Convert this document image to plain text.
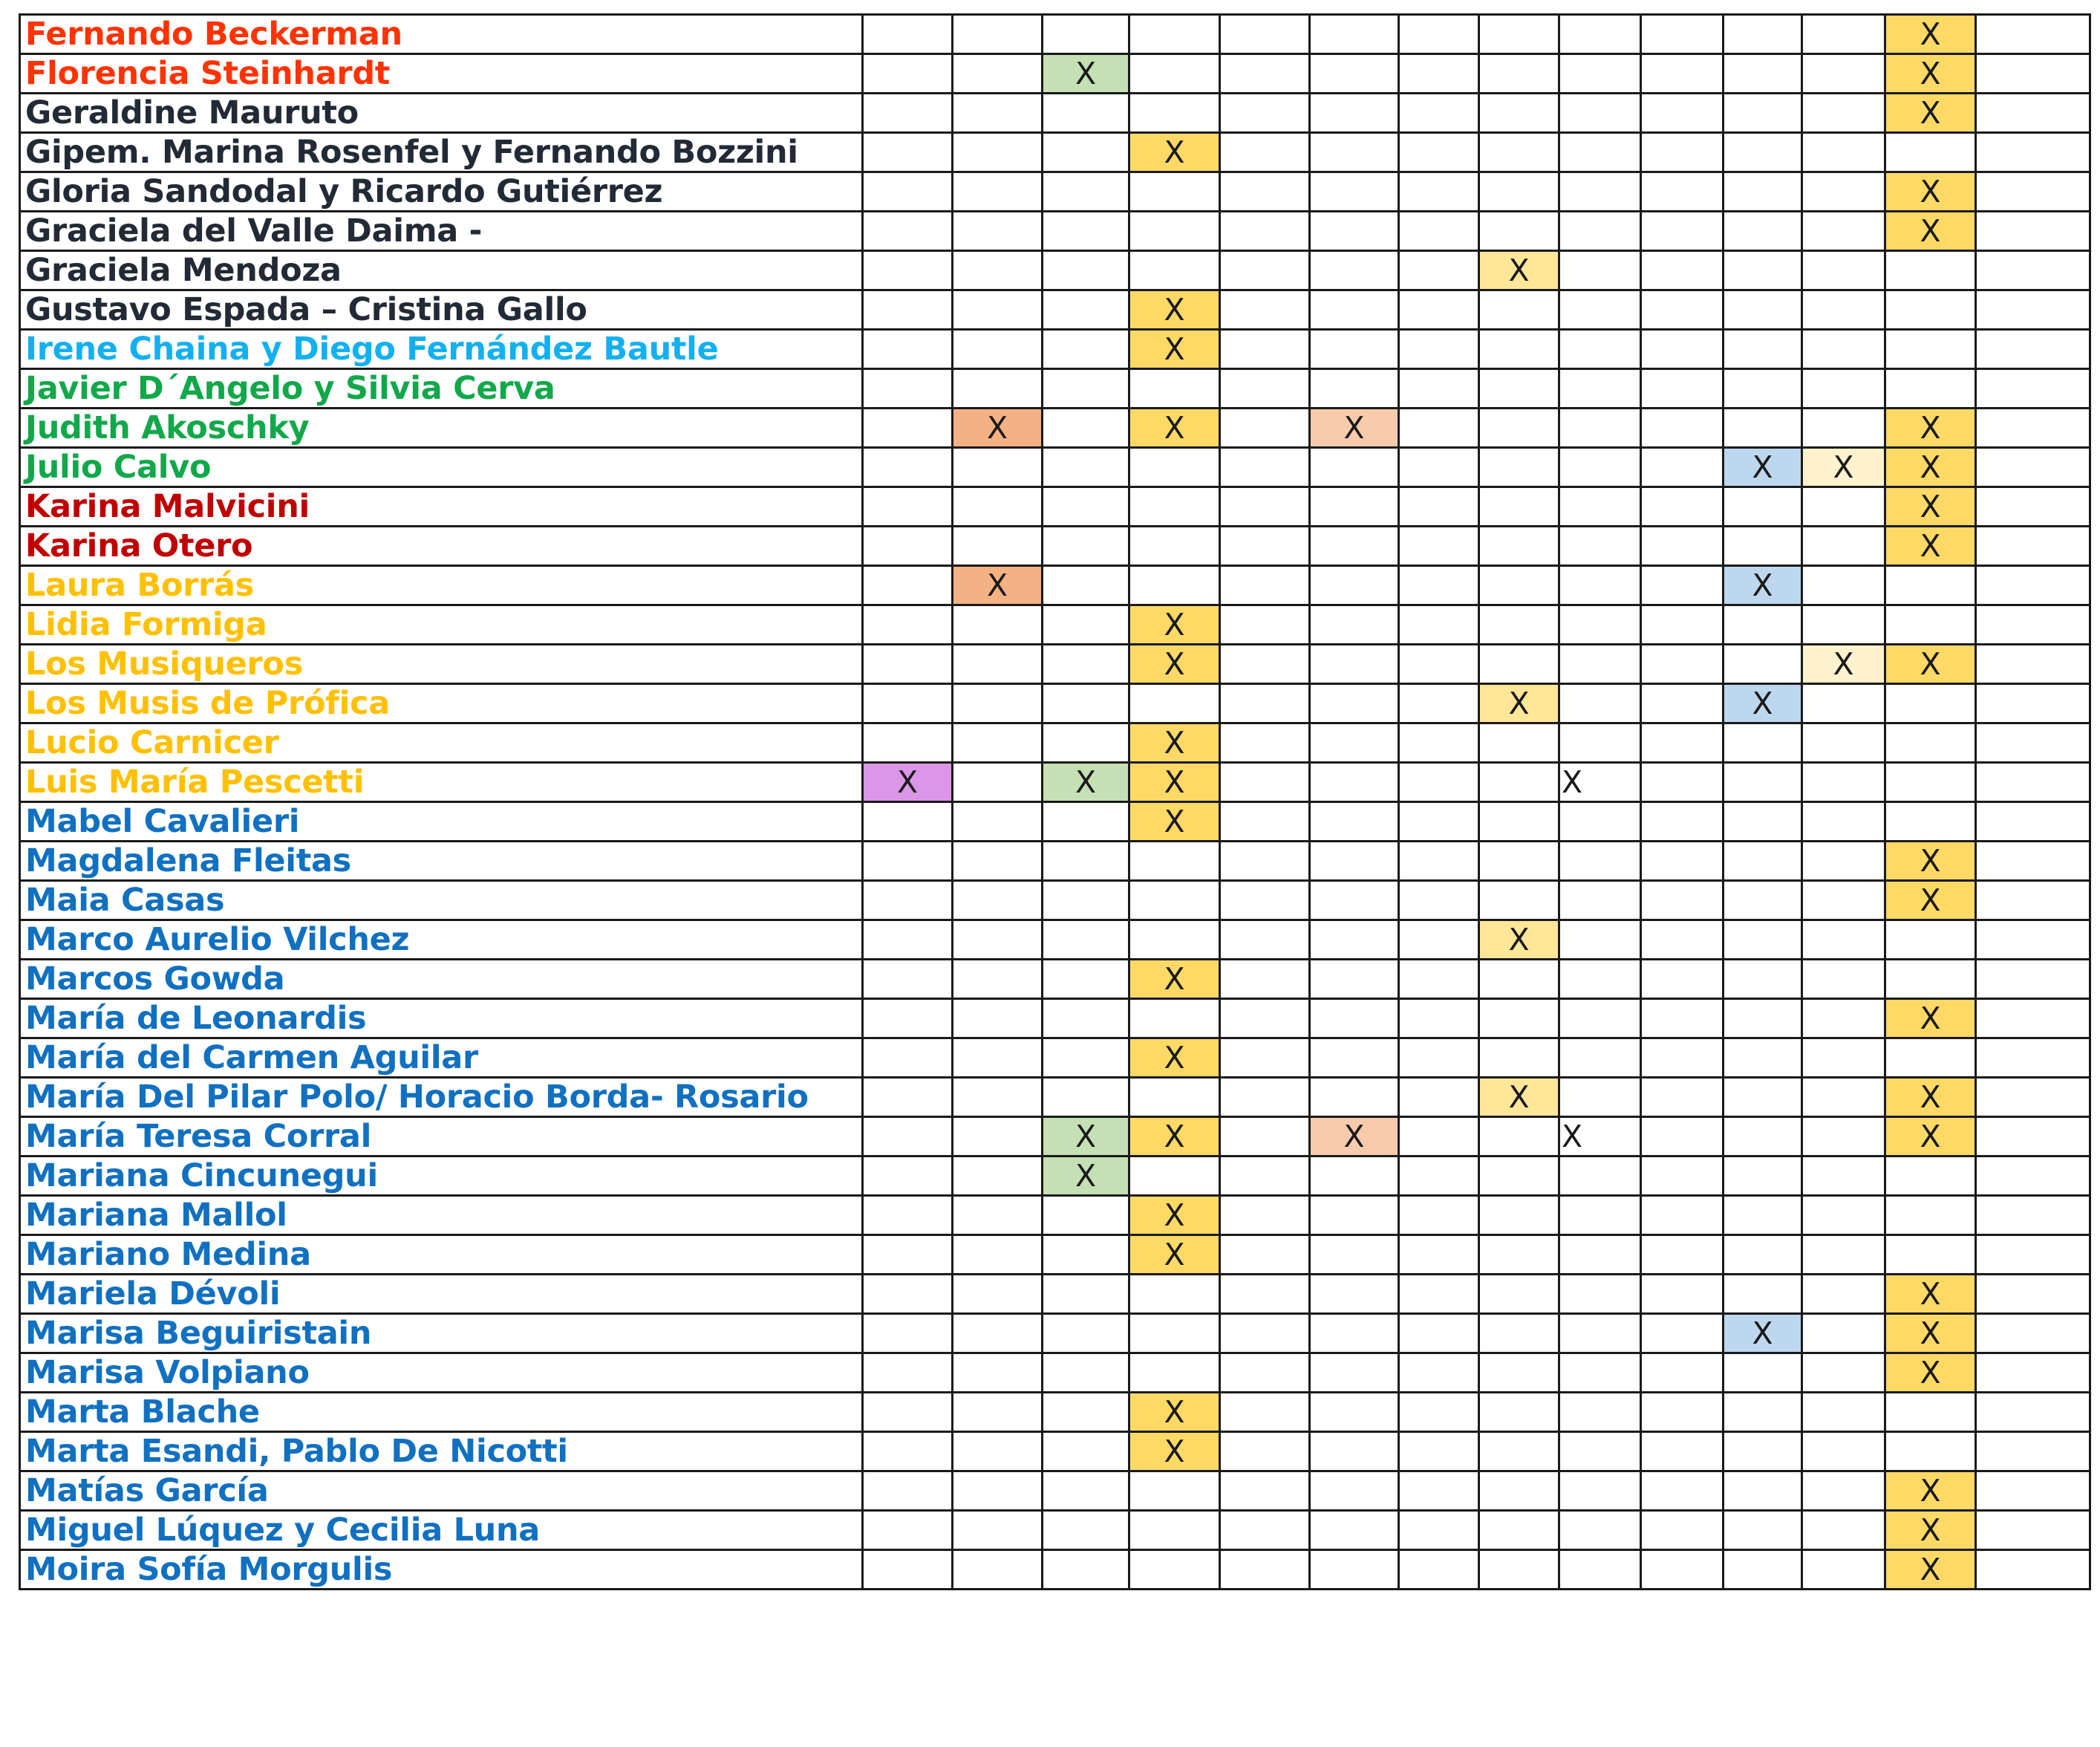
Fernando Beckerman													X	
Florencia Steinhardt			X										X	
Geraldine Mauruto													X	
Gipem. Marina Rosenfel y Fernando Bozzini				X										
Gloria Sandodal y Ricardo Gutiérrez													X	
Graciela del Valle Daima -													X	
Graciela Mendoza								X						
Gustavo Espada – Cristina Gallo				X										
Irene Chaina y Diego Fernández Bautle				X										
Javier D´Angelo y Silvia Cerva														
Judith Akoschky		X		X		X							X	
Julio Calvo											X	X	X	
Karina Malvicini													X	
Karina Otero													X	
Laura Borrás		X									X			
Lidia Formiga				X										
Los Musiqueros				X								X	X	
Los Musis de Prófica								X			X			
Lucio Carnicer				X										
Luis María Pescetti	X		X	X					X					
Mabel Cavalieri				X										
Magdalena Fleitas													X	
Maia Casas													X	
Marco Aurelio Vilchez								X						
Marcos Gowda				X										
María de Leonardis													X	
María del Carmen Aguilar				X										
María Del Pilar Polo/ Horacio Borda- Rosario								X					X	
María Teresa Corral			X	X		X			X				X	
Mariana Cincunegui			X											
Mariana Mallol				X										
Mariano Medina				X										
Mariela Dévoli													X	
Marisa Beguiristain											X		X	
Marisa Volpiano													X	
Marta Blache				X										
Marta Esandi, Pablo De Nicotti				X										
Matías García													X	
Miguel Lúquez y Cecilia Luna													X	
Moira Sofía Morgulis													X	
